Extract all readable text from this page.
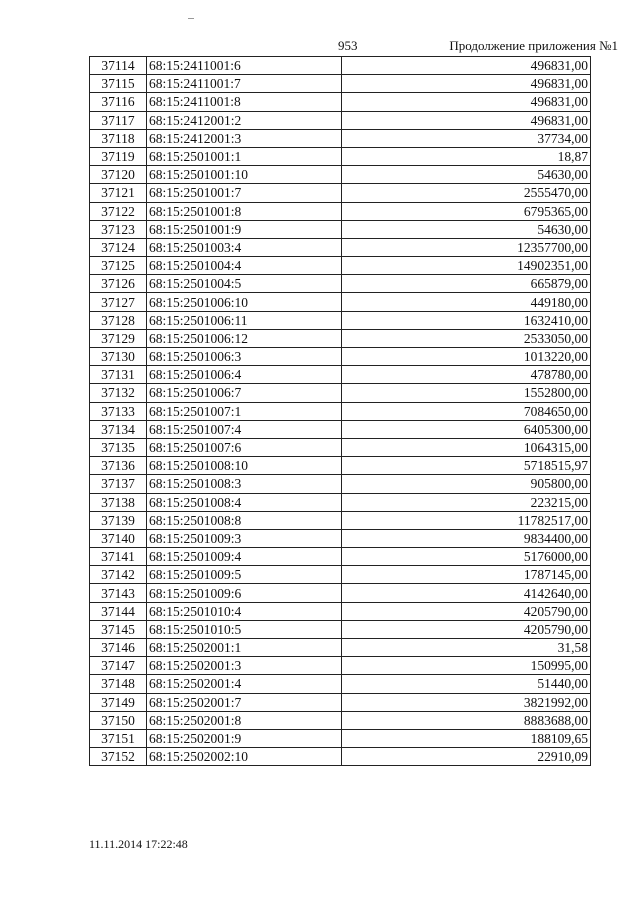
953	Продолжение приложения №1
37114	68:15:2411001:6	496831,00
37115	68:15:2411001:7	496831,00
37116	68:15:2411001:8	496831,00
37117	68:15:2412001:2	496831,00
37118	68:15:2412001:3	37734,00
37119	68:15:2501001:1	18,87
37120	68:15:2501001:10	54630,00
37121	68:15:2501001:7	2555470,00
37122	68:15:2501001:8	6795365,00
37123	68:15:2501001:9	54630,00
37124	68:15:2501003:4	12357700,00
37125	68:15:2501004:4	14902351,00
37126	68:15:2501004:5	665879,00
37127	68:15:2501006:10	449180,00
37128	68:15:2501006:11	1632410,00
37129	68:15:2501006:12	2533050,00
37130	68:15:2501006:3	1013220,00
37131	68:15:2501006:4	478780,00
37132	68:15:2501006:7	1552800,00
37133	68:15:2501007:1	7084650,00
37134	68:15:2501007:4	6405300,00
37135	68:15:2501007:6	1064315,00
37136	68:15:2501008:10	5718515,97
37137	68:15:2501008:3	905800,00
37138	68:15:2501008:4	223215,00
37139	68:15:2501008:8	11782517,00
37140	68:15:2501009:3	9834400,00
37141	68:15:2501009:4	5176000,00
37142	68:15:2501009:5	1787145,00
37143	68:15:2501009:6	4142640,00
37144	68:15:2501010:4	4205790,00
37145	68:15:2501010:5	4205790,00
37146	68:15:2502001:1	31,58
37147	68:15:2502001:3	150995,00
37148	68:15:2502001:4	51440,00
37149	68:15:2502001:7	3821992,00
37150	68:15:2502001:8	8883688,00
37151	68:15:2502001:9	188109,65
37152	68:15:2502002:10	22910,09
11.11.2014 17:22:48
